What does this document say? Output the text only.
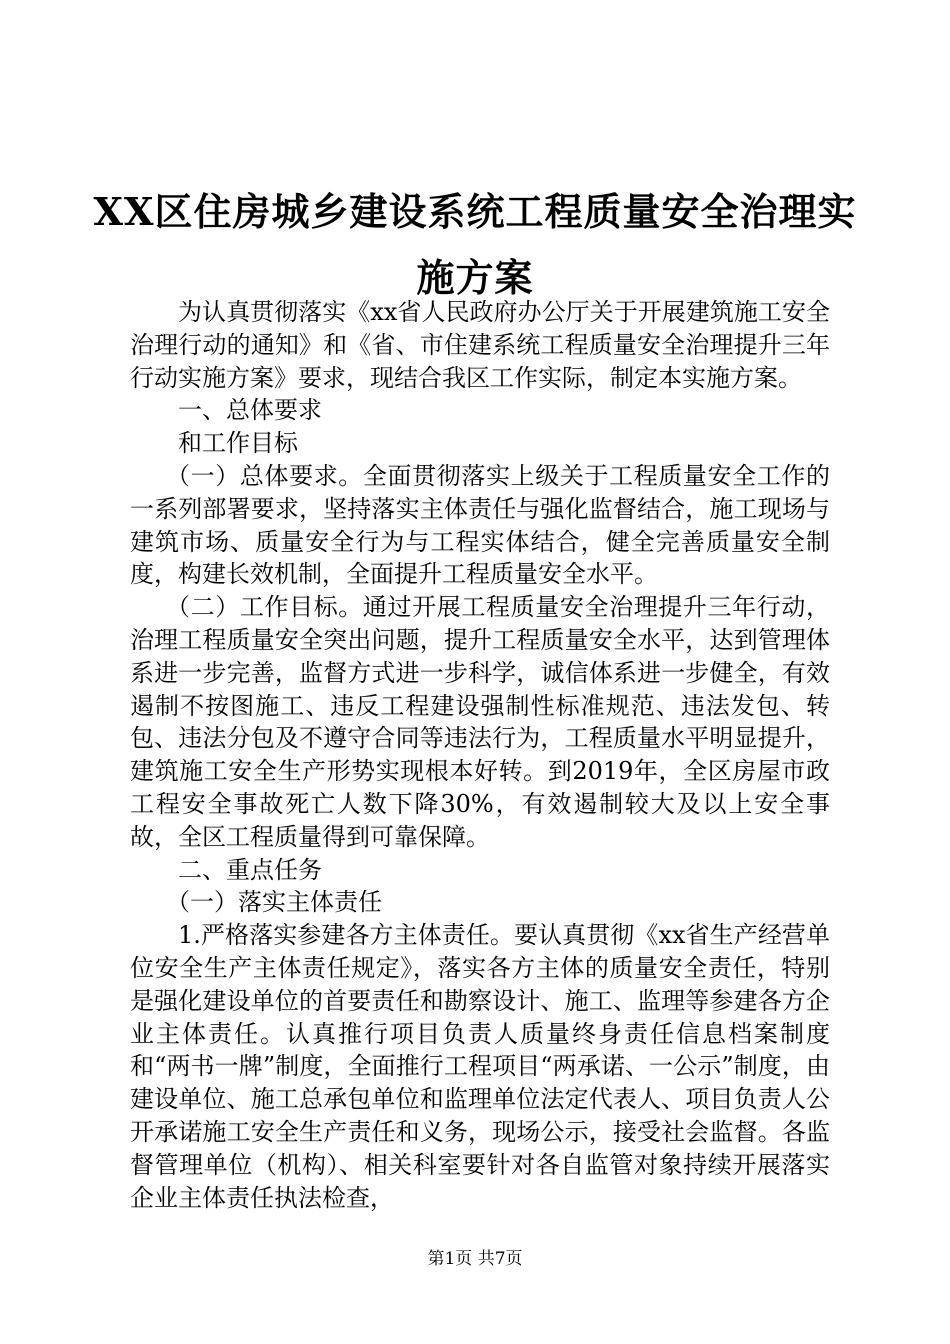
XX区住房城乡建设系统工程质量安全治理实

施方案

为认真贯彻落实《xx省人民政府办公厅关于开展建筑施工安全治理行动的通知》和《省、市住建系统工程质量安全治理提升三年行动实施方案》要求，现结合我区工作实际，制定本实施方案。

一、总体要求

和工作目标

（一）总体要求。全面贯彻落实上级关于工程质量安全工作的一系列部署要求，坚持落实主体责任与强化监督结合，施工现场与建筑市场、质量安全行为与工程实体结合，健全完善质量安全制度，构建长效机制，全面提升工程质量安全水平。

（二）工作目标。通过开展工程质量安全治理提升三年行动，治理工程质量安全突出问题，提升工程质量安全水平，达到管理体系进一步完善，监督方式进一步科学，诚信体系进一步健全，有效遏制不按图施工、违反工程建设强制性标准规范、违法发包、转包、违法分包及不遵守合同等违法行为，工程质量水平明显提升，建筑施工安全生产形势实现根本好转。到2019年，全区房屋市政工程安全事故死亡人数下降30%，有效遏制较大及以上安全事故，全区工程质量得到可靠保障。

二、重点任务

（一）落实主体责任

1.严格落实参建各方主体责任。要认真贯彻《xx省生产经营单位安全生产主体责任规定》，落实各方主体的质量安全责任，特别是强化建设单位的首要责任和勘察设计、施工、监理等参建各方企业主体责任。认真推行项目负责人质量终身责任信息档案制度和“两书一牌”制度，全面推行工程项目“两承诺、一公示”制度，由建设单位、施工总承包单位和监理单位法定代表人、项目负责人公开承诺施工安全生产责任和义务，现场公示，接受社会监督。各监督管理单位（机构）、相关科室要针对各自监管对象持续开展落实企业主体责任执法检查，

第1页 共7页
